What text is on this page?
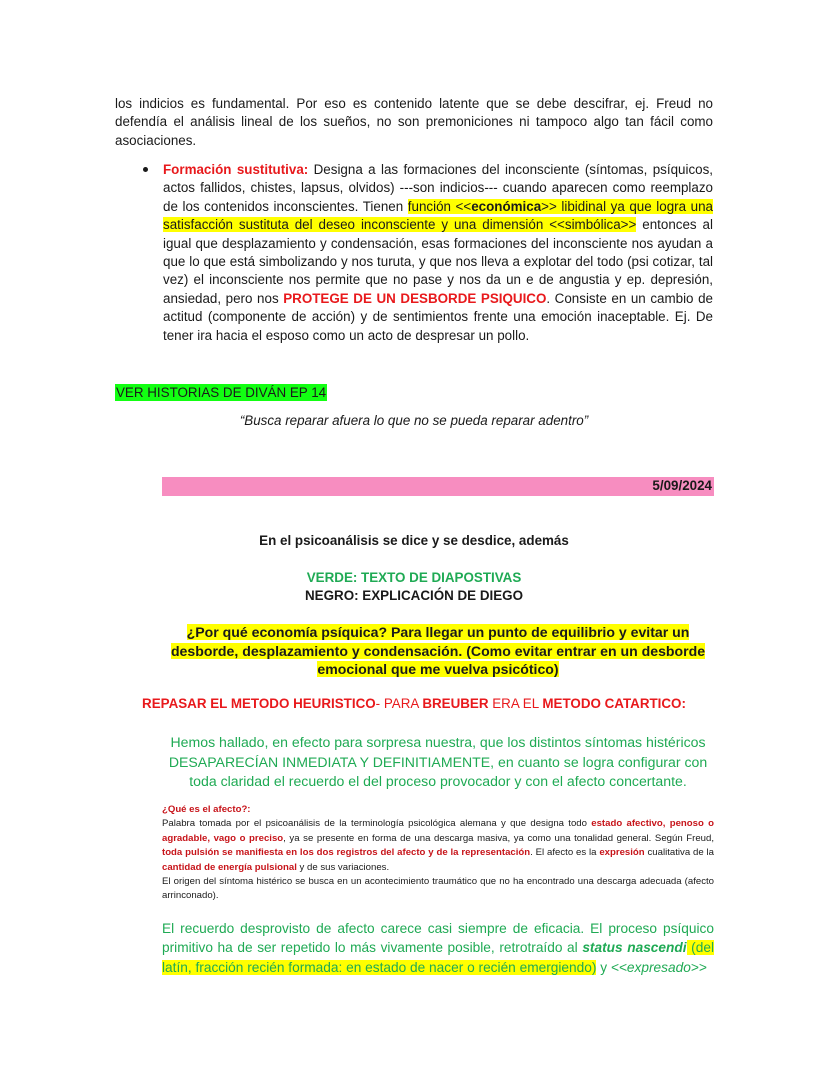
los indicios es fundamental. Por eso es contenido latente que se debe descifrar, ej. Freud no defendía el análisis lineal de los sueños, no son premoniciones ni tampoco algo tan fácil como asociaciones.

Formación sustitutiva: Designa a las formaciones del inconsciente (síntomas, psíquicos, actos fallidos, chistes, lapsus, olvidos) ---son indicios--- cuando aparecen como reemplazo de los contenidos inconscientes. Tienen función <<económica>> libidinal ya que logra una satisfacción sustituta del deseo inconsciente y una dimensión <<simbólica>> entonces al igual que desplazamiento y condensación, esas formaciones del inconsciente nos ayudan a que lo que está simbolizando y nos turuta, y que nos lleva a explotar del todo (psi cotizar, tal vez) el inconsciente nos permite que no pase y nos da un e de angustia y ep. depresión, ansiedad, pero nos PROTEGE DE UN DESBORDE PSIQUICO. Consiste en un cambio de actitud (componente de acción) y de sentimientos frente una emoción inaceptable. Ej. De tener ira hacia el esposo como un acto de despresar un pollo.

VER HISTORIAS DE DIVÁN EP 14
“Busca reparar afuera lo que no se pueda reparar adentro”
5/09/2024
En el psicoanálisis se dice y se desdice, además
VERDE: TEXTO DE DIAPOSTIVAS
NEGRO: EXPLICACIÓN DE DIEGO
¿Por qué economía psíquica? Para llegar un punto de equilibrio y evitar un desborde, desplazamiento y condensación. (Como evitar entrar en un desborde emocional que me vuelva psicótico)
REPASAR EL METODO HEURISTICO- PARA BREUBER ERA EL METODO CATARTICO:
Hemos hallado, en efecto para sorpresa nuestra, que los distintos síntomas histéricos DESAPARECÍAN INMEDIATA Y DEFINITIAMENTE, en cuanto se logra configurar con toda claridad el recuerdo el del proceso provocador y con el afecto concertante.
¿Qué es el afecto?:
Palabra tomada por el psicoanálisis de la terminología psicológica alemana y que designa todo estado afectivo, penoso o agradable, vago o preciso, ya se presente en forma de una descarga masiva, ya como una tonalidad general. Según Freud, toda pulsión se manifiesta en los dos registros del afecto y de la representación. El afecto es la expresión cualitativa de la cantidad de energía pulsional y de sus variaciones.
El origen del síntoma histérico se busca en un acontecimiento traumático que no ha encontrado una descarga adecuada (afecto arrinconado).

El recuerdo desprovisto de afecto carece casi siempre de eficacia. El proceso psíquico primitivo ha de ser repetido lo más vivamente posible, retrotraído al status nascendi (del latín, fracción recién formada: en estado de nacer o recién emergiendo) y <<expresado>>
